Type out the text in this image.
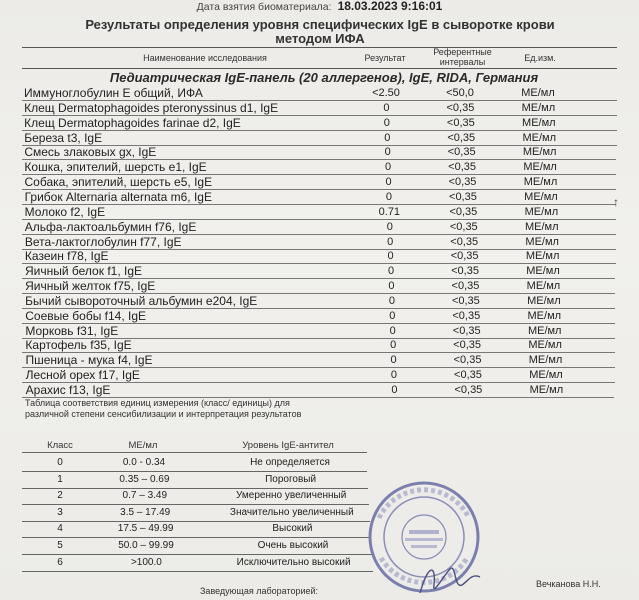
Дата взятия биоматериала: 18.03.2023 9:16:01
Результаты определения уровня специфических IgE в сыворотке крови
методом ИФА
Наименование исследования	Результат
Референтные
интервалы	Ед.изм.
Педиатрическая IgE-панель (20 аллергенов), IgE, RIDA, Германия
Иммуноглобулин Е общий, ИФА	<2.50	<50,0	МЕ/мл
Клещ Dermatophagoides pteronyssinus d1, IgE	0	<0,35	МЕ/мл
Клещ Dermatophagoides farinae d2, IgE	0	<0,35	МЕ/мл
Береза t3, IgE	0	<0,35	МЕ/мл
Смесь злаковых gx, IgE	0	<0,35	МЕ/мл
Кошка, эпителий, шерсть e1, IgE	0	<0,35	МЕ/мл
Собака, эпителий, шерсть e5, IgE	0	<0,35	МЕ/мл
Грибок Alternaria alternata m6, IgE	0	<0,35	МЕ/мл
Молоко f2, IgE	0.71	<0,35	МЕ/мл
Альфа-лактоальбумин f76, IgE	0	<0,35	МЕ/мл
Вета-лактоглобулин f77, IgE	0	<0,35	МЕ/мл
Казеин f78, IgE	0	<0,35	МЕ/мл
Яичный белок f1, IgE	0	<0,35	МЕ/мл
Яичный желток f75, IgE	0	<0,35	МЕ/мл
Бычий сывороточный альбумин e204, IgE	0	<0,35	МЕ/мл
Соевые бобы f14, IgE	0	<0,35	МЕ/мл
Морковь f31, IgE	0	<0,35	МЕ/мл
Картофель f35, IgE	0	<0,35	МЕ/мл
Пшеница - мука f4, IgE	0	<0,35	МЕ/мл
Лесной орех f17, IgE	0	<0,35	МЕ/мл
Арахис f13, IgE	0	<0,35	МЕ/мл
↑
Таблица соответствия единиц измерения (класс/ единицы) для различной степени сенсибилизации и интерпретация результатов
Класс	МЕ/мл	Уровень IgE-антител
0	0.0 - 0.34	Не определяется
1	0.35 – 0.69	Пороговый
2	0.7 – 3.49	Умеренно увеличенный
3	3.5 – 17.49	Значительно увеличенный
4	17.5 – 49.99	Высокий
5	50.0 – 99.99	Очень высокий
6	>100.0	Исключительно высокий
Заведующая лабораторией:
Вечканова Н.Н.
